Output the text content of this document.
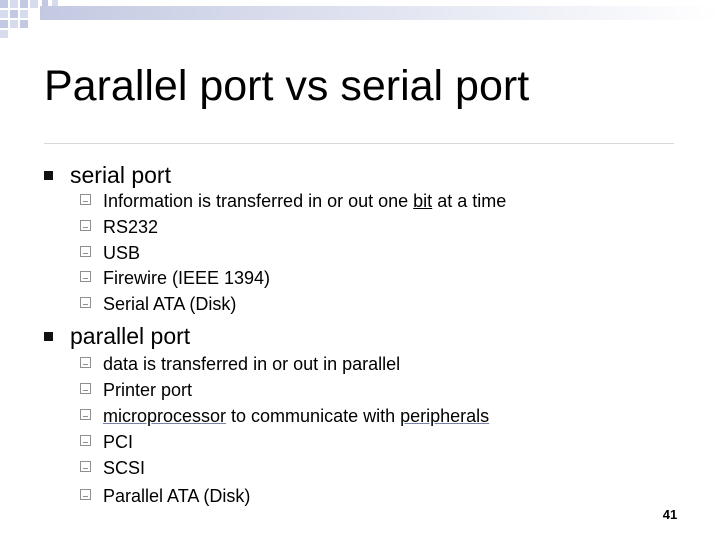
Parallel port vs serial port
serial port
Information is transferred in or out one bit at a time
RS232
USB
Firewire (IEEE 1394)
Serial ATA (Disk)
parallel port
data is transferred in or out in parallel
Printer port
microprocessor to communicate with peripherals
PCI
SCSI
Parallel ATA (Disk)
41
